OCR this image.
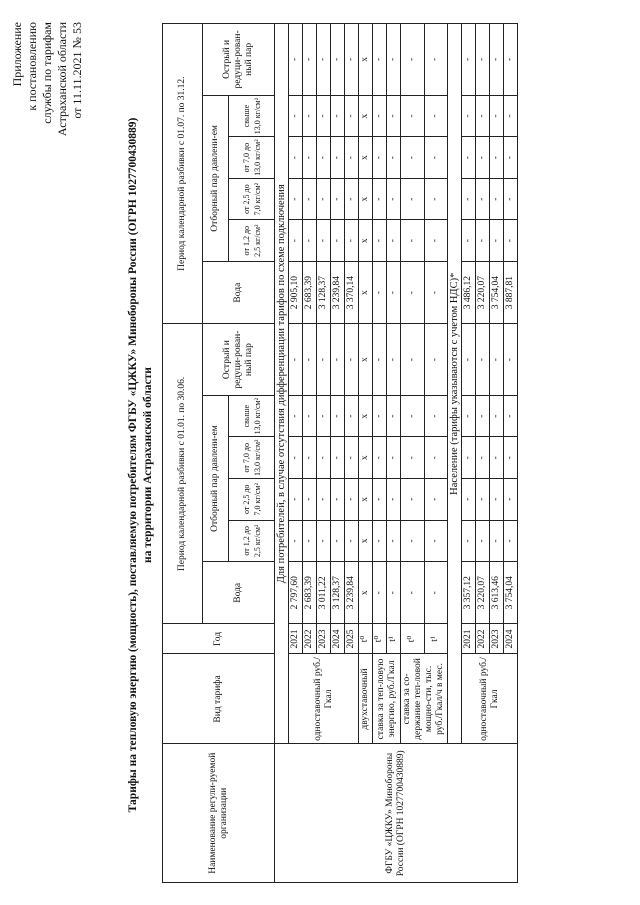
Приложение к постановлению службы по тарифам Астраханской области от 11.11.2021 № 53
Тарифы на тепловую энергию (мощность), поставляемую потребителям ФГБУ «ЦЖКУ» Минобороны России (ОГРН 1027700430889) на территории Астраханской области
Наименование регули-руемой организации	Вид тарифа	Год	Период календарной разбивки с 01.01. по 30.06.						Период календарной разбивки с 01.07. по 31.12.					
			Вода	Отборный пар давлени-ем				Острый и редуци-рован-ный пар	Вода	Отборный пар давлени-ем				Острый и редуци-рован-ный пар
				от 1,2 до 2,5 кг/см²	от 2,5 до 7,0 кг/см²	от 7,0 до 13,0 кг/см²	свыше 13,0 кг/см²			от 1,2 до 2,5 кг/см²	от 2,5 до 7,0 кг/см²	от 7,0 до 13,0 кг/см²	свыше 13,0 кг/см²	
ФГБУ «ЦЖКУ» Минобороны России (ОГРН 1027700430889)	Для потребителей, в случае отсутствия дифференциации тарифов по схеме подключения													
	одноставочный руб./Гкал	2021	2 797,60	-	-	-	-	-	2 905,10	-	-	-	-	-
		2022	2 683,39	-	-	-	-	-	2 683,39	-	-	-	-	-
		2023	3 011,22	-	-	-	-	-	3 128,37	-	-	-	-	-
		2024	3 128,37	-	-	-	-	-	3 239,84	-	-	-	-	-
		2025	3 239,84	-	-	-	-	-	3 370,14	-	-	-	-	-
	двухставочный	t⁰	x	x	x	x	x	x	x	x	x	x	x	x
	ставка за теп-ловую энергию, руб./Гкал	t⁰	-	-	-	-	-	-	-	-	-	-	-	-
		t¹	-	-	-	-	-	-	-	-	-	-	-	-
	ставка за со-держание теп-ловой мощно-сти, тыс. руб./Гкал/ч в мес.	t⁰	-	-	-	-	-	-	-	-	-	-	-	-
		t¹	-	-	-	-	-	-	-	-	-	-	-	-
	Население (тарифы указываются с учетом НДС)*													
	одноставочный руб./Гкал	2021	3 357,12	-	-	-	-	-	3 486,12	-	-	-	-	-
		2022	3 220,07	-	-	-	-	-	3 220,07	-	-	-	-	-
		2023	3 613,46	-	-	-	-	-	3 754,04	-	-	-	-	-
		2024	3 754,04	-	-	-	-	-	3 887,81	-	-	-	-	-
